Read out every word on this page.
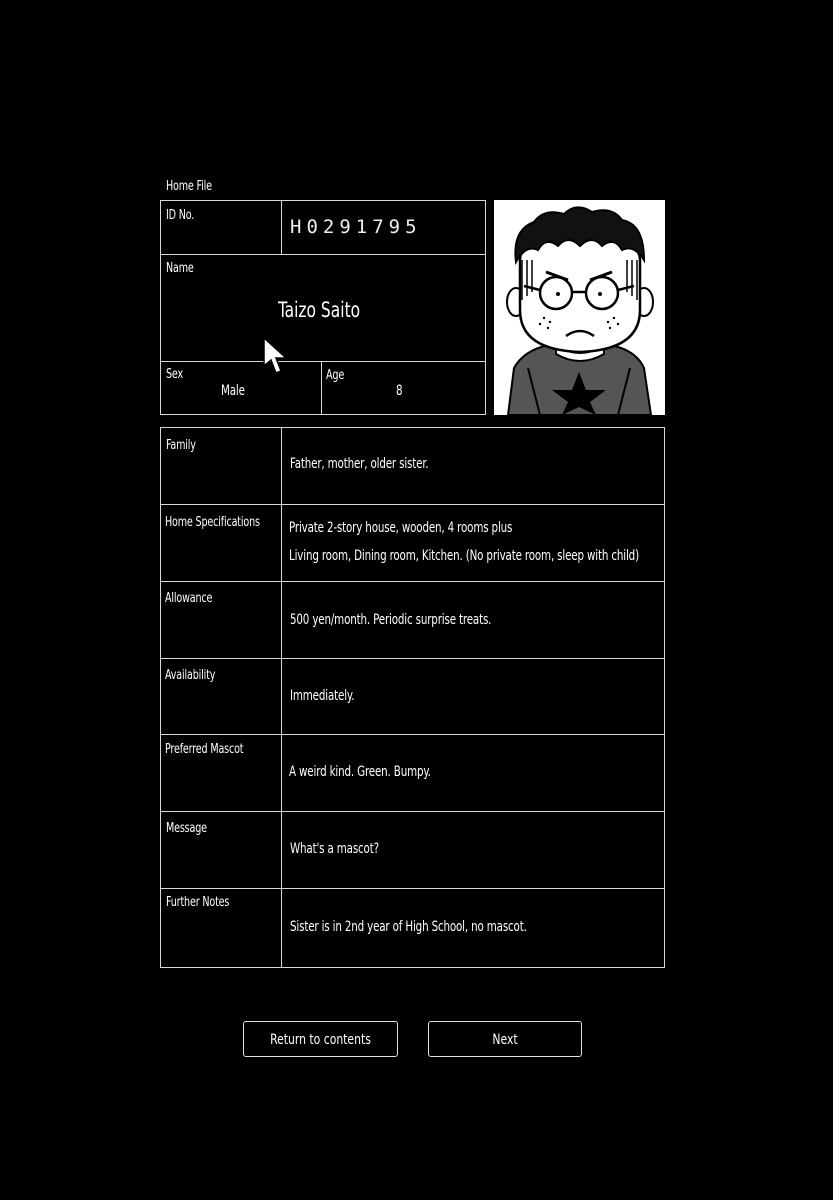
Home File
ID No.
H0291795
Name
Taizo Saito
Sex
Male
Age
8
Family
Father, mother, older sister.
Home Specifications Private 2-story house, wooden, 4 rooms plus
Living room, Dining room, Kitchen. (No private room, sleep with child)
Allowance
500 yen/month. Periodic surprise treats.
Availability
Immediately.
Preferred Mascot
A weird kind. Green. Bumpy.
Message
What's a mascot?
Further Notes
Sister is in 2nd year of High School, no mascot.
Return to contents	Next
